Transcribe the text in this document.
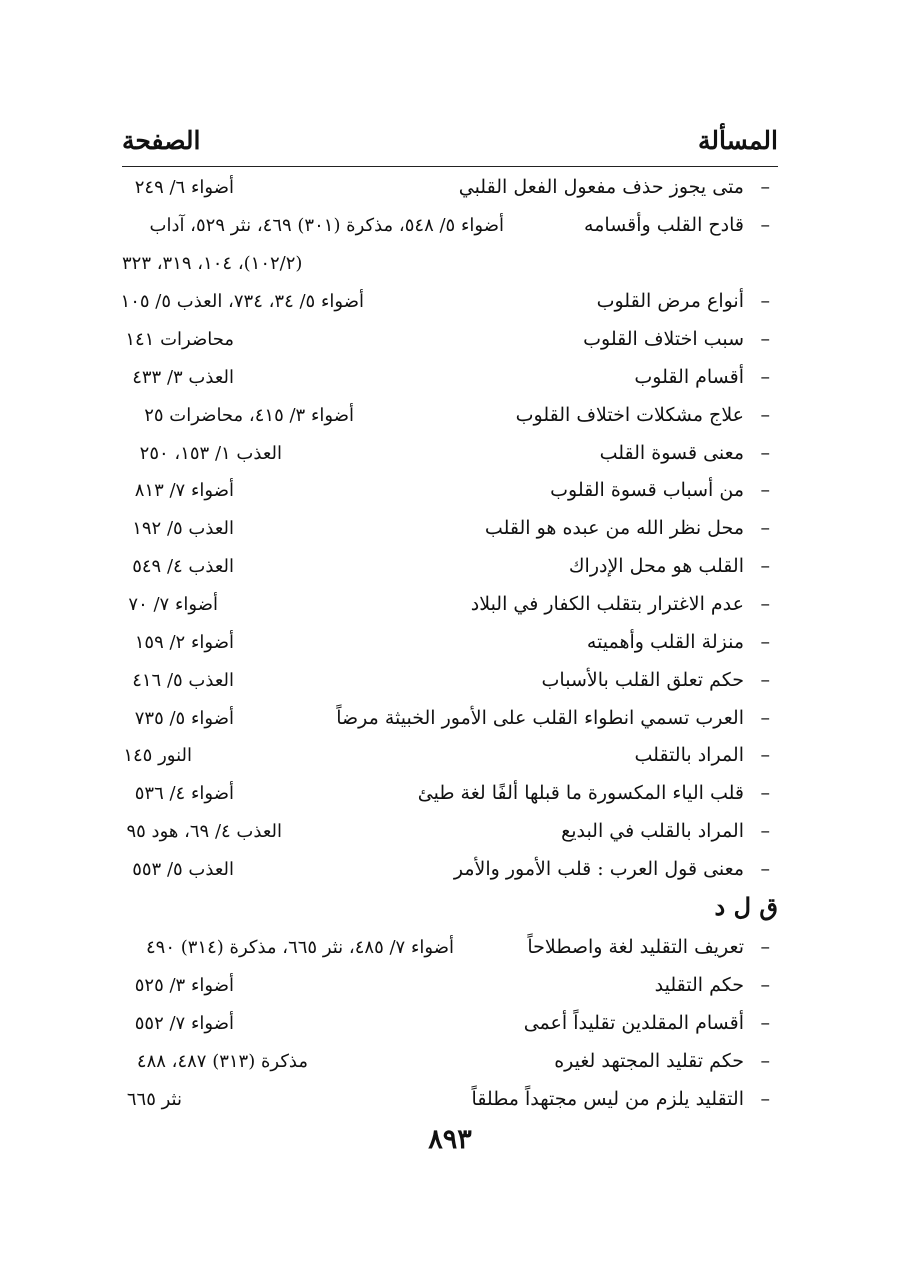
المسألة
الصفحة
–
متى يجوز حذف مفعول الفعل القلبي
أضواء ٦/ ٢٤٩
–
قادح القلب وأقسامه
أضواء ٥/ ٥٤٨، مذكرة (٣٠١) ٤٦٩، نثر ٥٢٩، آداب
(١٠٢/٢)، ١٠٤، ٣١٩، ٣٢٣
–
أنواع مرض القلوب
أضواء ٥/ ٣٤، ٧٣٤، العذب ٥/ ١٠٥
–
سبب اختلاف القلوب
محاضرات ١٤١
–
أقسام القلوب
العذب ٣/ ٤٣٣
–
علاج مشكلات اختلاف القلوب
أضواء ٣/ ٤١٥، محاضرات ٢٥
–
معنى قسوة القلب
العذب ١/ ١٥٣، ٢٥٠
–
من أسباب قسوة القلوب
أضواء ٧/ ٨١٣
–
محل نظر الله من عبده هو القلب
العذب ٥/ ١٩٢
–
القلب هو محل الإدراك
العذب ٤/ ٥٤٩
–
عدم الاغترار بتقلب الكفار في البلاد
أضواء ٧/ ٧٠
–
منزلة القلب وأهميته
أضواء ٢/ ١٥٩
–
حكم تعلق القلب بالأسباب
العذب ٥/ ٤١٦
–
العرب تسمي انطواء القلب على الأمور الخبيثة مرضاً
أضواء ٥/ ٧٣٥
–
المراد بالتقلب
النور ١٤٥
–
قلب الياء المكسورة ما قبلها ألفًا لغة طيئ
أضواء ٤/ ٥٣٦
–
المراد بالقلب في البديع
العذب ٤/ ٦٩، هود ٩٥
–
معنى قول العرب : قلب الأمور والأمر
العذب ٥/ ٥٥٣
ق ل د
–
تعريف التقليد لغة واصطلاحاً
أضواء ٧/ ٤٨٥، نثر ٦٦٥، مذكرة (٣١٤) ٤٩٠
–
حكم التقليد
أضواء ٣/ ٥٢٥
–
أقسام المقلدين تقليداً أعمى
أضواء ٧/ ٥٥٢
–
حكم تقليد المجتهد لغيره
مذكرة (٣١٣) ٤٨٧، ٤٨٨
–
التقليد يلزم من ليس مجتهداً مطلقاً
نثر ٦٦٥
٨٩٣
